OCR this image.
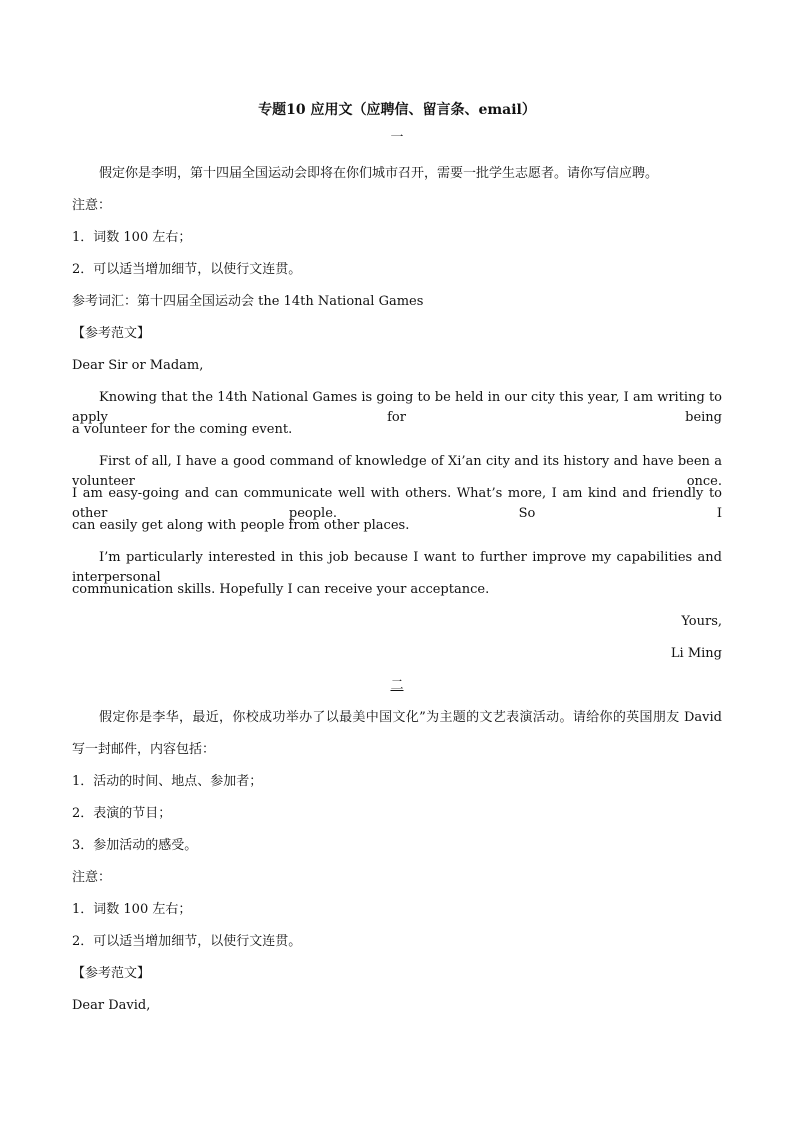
专题10 应用文（应聘信、留言条、email）
一
假定你是李明，第十四届全国运动会即将在你们城市召开，需要一批学生志愿者。请你写信应聘。
注意：
1．词数 100 左右；
2．可以适当增加细节，以使行文连贯。
参考词汇：第十四届全国运动会 the 14th National Games
【参考范文】
Dear Sir or Madam,
Knowing that the 14th National Games is going to be held in our city this year, I am writing to apply for being
a volunteer for the coming event.
First of all, I have a good command of knowledge of Xi’an city and its history and have been a volunteer once.
I am easy-going and can communicate well with others. What’s more, I am kind and friendly to other people. So I
can easily get along with people from other places.
I’m particularly interested in this job because I want to further improve my capabilities and interpersonal
communication skills. Hopefully I can receive your acceptance.
Yours,
Li Ming
二
假定你是李华，最近，你校成功举办了以最美中国文化”为主题的文艺表演活动。请给你的英国朋友 David
写一封邮件，内容包括：
1．活动的时间、地点、参加者；
2．表演的节目；
3．参加活动的感受。
注意：
1．词数 100 左右；
2．可以适当增加细节，以使行文连贯。
【参考范文】
Dear David,
